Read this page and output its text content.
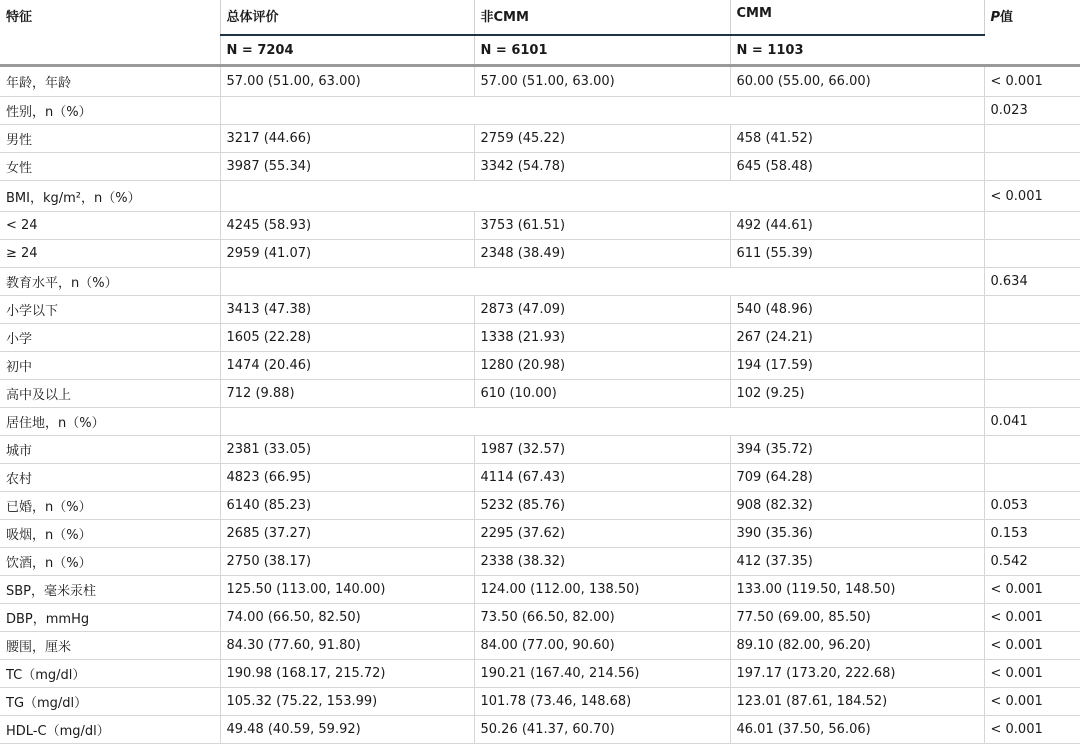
特征	总体评价	非CMM	CMM	P值
	N = 7204	N = 6101	N = 1103	
年龄，年龄	57.00 (51.00, 63.00)	57.00 (51.00, 63.00)	60.00 (55.00, 66.00)	< 0.001
性别，n（%）				0.023
男性	3217 (44.66)	2759 (45.22)	458 (41.52)	
女性	3987 (55.34)	3342 (54.78)	645 (58.48)	
BMI，kg/m²，n（%）				< 0.001
< 24	4245 (58.93)	3753 (61.51)	492 (44.61)	
≥ 24	2959 (41.07)	2348 (38.49)	611 (55.39)	
教育水平，n（%）				0.634
小学以下	3413 (47.38)	2873 (47.09)	540 (48.96)	
小学	1605 (22.28)	1338 (21.93)	267 (24.21)	
初中	1474 (20.46)	1280 (20.98)	194 (17.59)	
高中及以上	712 (9.88)	610 (10.00)	102 (9.25)	
居住地，n（%）				0.041
城市	2381 (33.05)	1987 (32.57)	394 (35.72)	
农村	4823 (66.95)	4114 (67.43)	709 (64.28)	
已婚，n（%）	6140 (85.23)	5232 (85.76)	908 (82.32)	0.053
吸烟，n（%）	2685 (37.27)	2295 (37.62)	390 (35.36)	0.153
饮酒，n（%）	2750 (38.17)	2338 (38.32)	412 (37.35)	0.542
SBP，毫米汞柱	125.50 (113.00, 140.00)	124.00 (112.00, 138.50)	133.00 (119.50, 148.50)	< 0.001
DBP，mmHg	74.00 (66.50, 82.50)	73.50 (66.50, 82.00)	77.50 (69.00, 85.50)	< 0.001
腰围，厘米	84.30 (77.60, 91.80)	84.00 (77.00, 90.60)	89.10 (82.00, 96.20)	< 0.001
TC（mg/dl）	190.98 (168.17, 215.72)	190.21 (167.40, 214.56)	197.17 (173.20, 222.68)	< 0.001
TG（mg/dl）	105.32 (75.22, 153.99)	101.78 (73.46, 148.68)	123.01 (87.61, 184.52)	< 0.001
HDL-C（mg/dl）	49.48 (40.59, 59.92)	50.26 (41.37, 60.70)	46.01 (37.50, 56.06)	< 0.001
